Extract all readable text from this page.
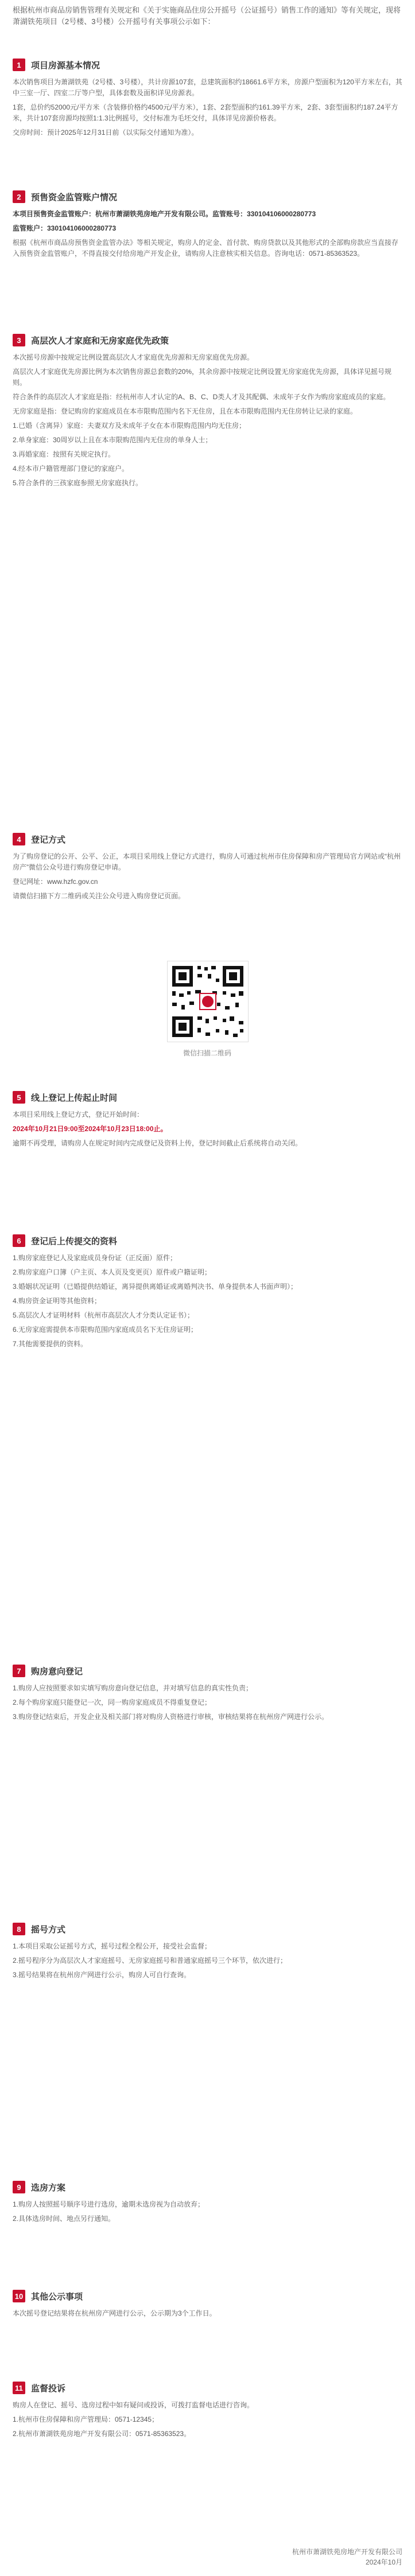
根据杭州市商品房销售管理有关规定和《关于实施商品住房公开摇号（公证摇号）销售工作的通知》等有关规定，现将萧湖铁苑项目（2号楼、3号楼）公开摇号有关事项公示如下：
1	项目房源基本情况

本次销售项目为萧湖铁苑（2号楼、3号楼），共计房源107套，总建筑面积约18661.6平方米，房源户型面积为120平方米左右，其中三室一厅、四室二厅等户型，具体套数及面积详见房源表。

1套，总价约52000元/平方米（含装修价格约4500元/平方米），1套、2套型面积约161.39平方米，2套、3套型面积约187.24平方米，共计107套房源均按照1:1.3比例摇号，交付标准为毛坯交付，具体详见房源价格表。

交房时间：预计2025年12月31日前（以实际交付通知为准）。

2	预售资金监管账户情况

本项目预售资金监管账户：杭州市萧湖铁苑房地产开发有限公司。监管账号：330104106000280773

监管账户：330104106000280773

根据《杭州市商品房预售资金监管办法》等相关规定，购房人的定金、首付款、购房贷款以及其他形式的全部购房款应当直接存入预售资金监管账户，不得直接交付给房地产开发企业，请购房人注意核实相关信息。咨询电话：0571-85363523。

3	高层次人才家庭和无房家庭优先政策

本次摇号房源中按规定比例设置高层次人才家庭优先房源和无房家庭优先房源。

高层次人才家庭优先房源比例为本次销售房源总套数的20%，其余房源中按规定比例设置无房家庭优先房源，具体详见摇号规则。

符合条件的高层次人才家庭是指：经杭州市人才认定的A、B、C、D类人才及其配偶、未成年子女作为购房家庭成员的家庭。

无房家庭是指：登记购房的家庭成员在本市限购范围内名下无住房，且在本市限购范围内无住房转让记录的家庭。

1.已婚（含离异）家庭：夫妻双方及未成年子女在本市限购范围内均无住房；

2.单身家庭：30周岁以上且在本市限购范围内无住房的单身人士；

3.再婚家庭：按照有关规定执行。

4.经本市户籍管理部门登记的家庭户。

5.符合条件的三孩家庭参照无房家庭执行。

4	登记方式

为了购房登记的公开、公平、公正，本项目采用线上登记方式进行，购房人可通过杭州市住房保障和房产管理局官方网站或“杭州房产”微信公众号进行购房登记申请。

登记网址：www.hzfc.gov.cn

请微信扫描下方二维码或关注公众号进入购房登记页面。

微信扫描二维码
5	线上登记上传起止时间

本项目采用线上登记方式，登记开始时间：

2024年10月21日9:00至2024年10月23日18:00止。

逾期不再受理，请购房人在规定时间内完成登记及资料上传，登记时间截止后系统将自动关闭。

6	登记后上传提交的资料

1.购房家庭登记人及家庭成员身份证（正反面）原件；

2.购房家庭户口簿（户主页、本人页及变更页）原件或户籍证明；

3.婚姻状况证明（已婚提供结婚证，离异提供离婚证或离婚判决书、单身提供本人书面声明）；

4.购房资金证明等其他资料；

5.高层次人才证明材料（杭州市高层次人才分类认定证书）；

6.无房家庭需提供本市限购范围内家庭成员名下无住房证明；

7.其他需要提供的资料。

7	购房意向登记

1.购房人应按照要求如实填写购房意向登记信息，并对填写信息的真实性负责；

2.每个购房家庭只能登记一次，同一购房家庭成员不得重复登记；

3.购房登记结束后，开发企业及相关部门将对购房人资格进行审核，审核结果将在杭州房产网进行公示。

8	摇号方式

1.本项目采取公证摇号方式，摇号过程全程公开，接受社会监督；

2.摇号程序分为高层次人才家庭摇号、无房家庭摇号和普通家庭摇号三个环节，依次进行；

3.摇号结果将在杭州房产网进行公示，购房人可自行查询。

9	选房方案

1.购房人按照摇号顺序号进行选房，逾期未选房视为自动放弃；

2.具体选房时间、地点另行通知。

10 其他公示事项

本次摇号登记结果将在杭州房产网进行公示，公示期为3个工作日。

11 监督投诉

购房人在登记、摇号、选房过程中如有疑问或投诉，可拨打监督电话进行咨询。

1.杭州市住房保障和房产管理局：0571-12345；

2.杭州市萧湖铁苑房地产开发有限公司：0571-85363523。

杭州市萧湖铁苑房地产开发有限公司
2024年10月
